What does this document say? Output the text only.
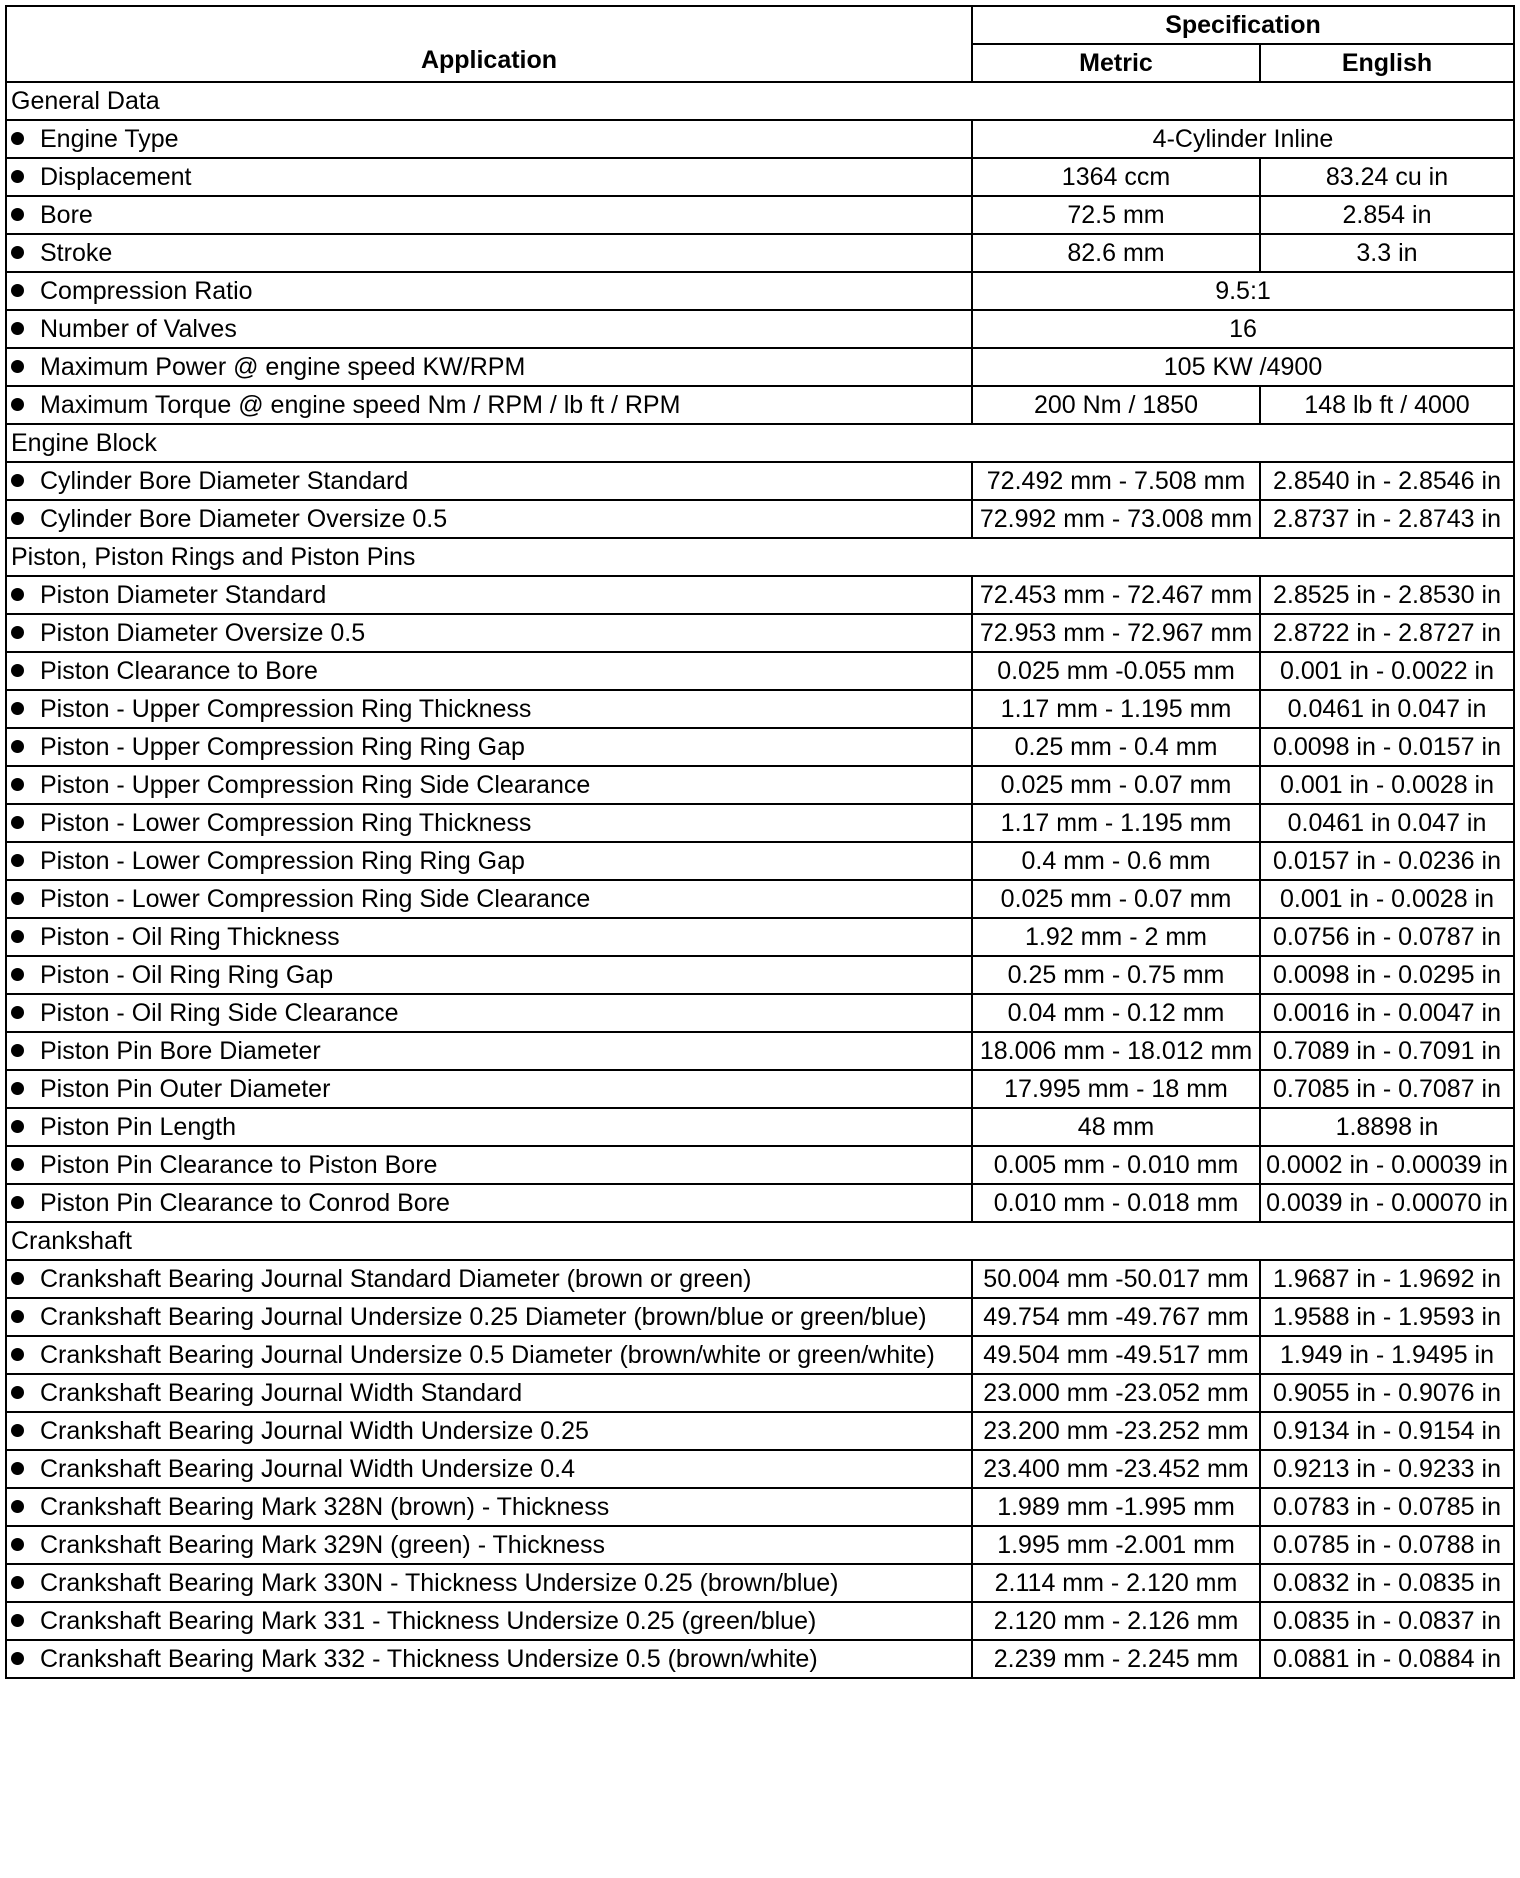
Application	Specification	
	Metric	English
General Data		
Engine Type	4-Cylinder Inline	
Displacement	1364 ccm	83.24 cu in
Bore	72.5 mm	2.854 in
Stroke	82.6 mm	3.3 in
Compression Ratio	9.5:1	
Number of Valves	16	
Maximum Power @ engine speed KW/RPM	105 KW /4900	
Maximum Torque @ engine speed Nm / RPM / lb ft / RPM	200 Nm / 1850	148 lb ft / 4000
Engine Block		
Cylinder Bore Diameter Standard	72.492 mm - 7.508 mm	2.8540 in - 2.8546 in
Cylinder Bore Diameter Oversize 0.5	72.992 mm - 73.008 mm	2.8737 in - 2.8743 in
Piston, Piston Rings and Piston Pins		
Piston Diameter Standard	72.453 mm - 72.467 mm	2.8525 in - 2.8530 in
Piston Diameter Oversize 0.5	72.953 mm - 72.967 mm	2.8722 in - 2.8727 in
Piston Clearance to Bore	0.025 mm -0.055 mm	0.001 in - 0.0022 in
Piston - Upper Compression Ring Thickness	1.17 mm - 1.195 mm	0.0461 in 0.047 in
Piston - Upper Compression Ring Ring Gap	0.25 mm - 0.4 mm	0.0098 in - 0.0157 in
Piston - Upper Compression Ring Side Clearance	0.025 mm - 0.07 mm	0.001 in - 0.0028 in
Piston - Lower Compression Ring Thickness	1.17 mm - 1.195 mm	0.0461 in 0.047 in
Piston - Lower Compression Ring Ring Gap	0.4 mm - 0.6 mm	0.0157 in - 0.0236 in
Piston - Lower Compression Ring Side Clearance	0.025 mm - 0.07 mm	0.001 in - 0.0028 in
Piston - Oil Ring Thickness	1.92 mm - 2 mm	0.0756 in - 0.0787 in
Piston - Oil Ring Ring Gap	0.25 mm - 0.75 mm	0.0098 in - 0.0295 in
Piston - Oil Ring Side Clearance	0.04 mm - 0.12 mm	0.0016 in - 0.0047 in
Piston Pin Bore Diameter	18.006 mm - 18.012 mm	0.7089 in - 0.7091 in
Piston Pin Outer Diameter	17.995 mm - 18 mm	0.7085 in - 0.7087 in
Piston Pin Length	48 mm	1.8898 in
Piston Pin Clearance to Piston Bore	0.005 mm - 0.010 mm	0.0002 in - 0.00039 in
Piston Pin Clearance to Conrod Bore	0.010 mm - 0.018 mm	0.0039 in - 0.00070 in
Crankshaft		
Crankshaft Bearing Journal Standard Diameter (brown or green)	50.004 mm -50.017 mm	1.9687 in - 1.9692 in
Crankshaft Bearing Journal Undersize 0.25 Diameter (brown/blue or green/blue)	49.754 mm -49.767 mm	1.9588 in - 1.9593 in
Crankshaft Bearing Journal Undersize 0.5 Diameter (brown/white or green/white)	49.504 mm -49.517 mm	1.949 in - 1.9495 in
Crankshaft Bearing Journal Width Standard	23.000 mm -23.052 mm	0.9055 in - 0.9076 in
Crankshaft Bearing Journal Width Undersize 0.25	23.200 mm -23.252 mm	0.9134 in - 0.9154 in
Crankshaft Bearing Journal Width Undersize 0.4	23.400 mm -23.452 mm	0.9213 in - 0.9233 in
Crankshaft Bearing Mark 328N (brown) - Thickness	1.989 mm -1.995 mm	0.0783 in - 0.0785 in
Crankshaft Bearing Mark 329N (green) - Thickness	1.995 mm -2.001 mm	0.0785 in - 0.0788 in
Crankshaft Bearing Mark 330N - Thickness Undersize 0.25 (brown/blue)	2.114 mm - 2.120 mm	0.0832 in - 0.0835 in
Crankshaft Bearing Mark 331 - Thickness Undersize 0.25 (green/blue)	2.120 mm - 2.126 mm	0.0835 in - 0.0837 in
Crankshaft Bearing Mark 332 - Thickness Undersize 0.5 (brown/white)	2.239 mm - 2.245 mm	0.0881 in - 0.0884 in
